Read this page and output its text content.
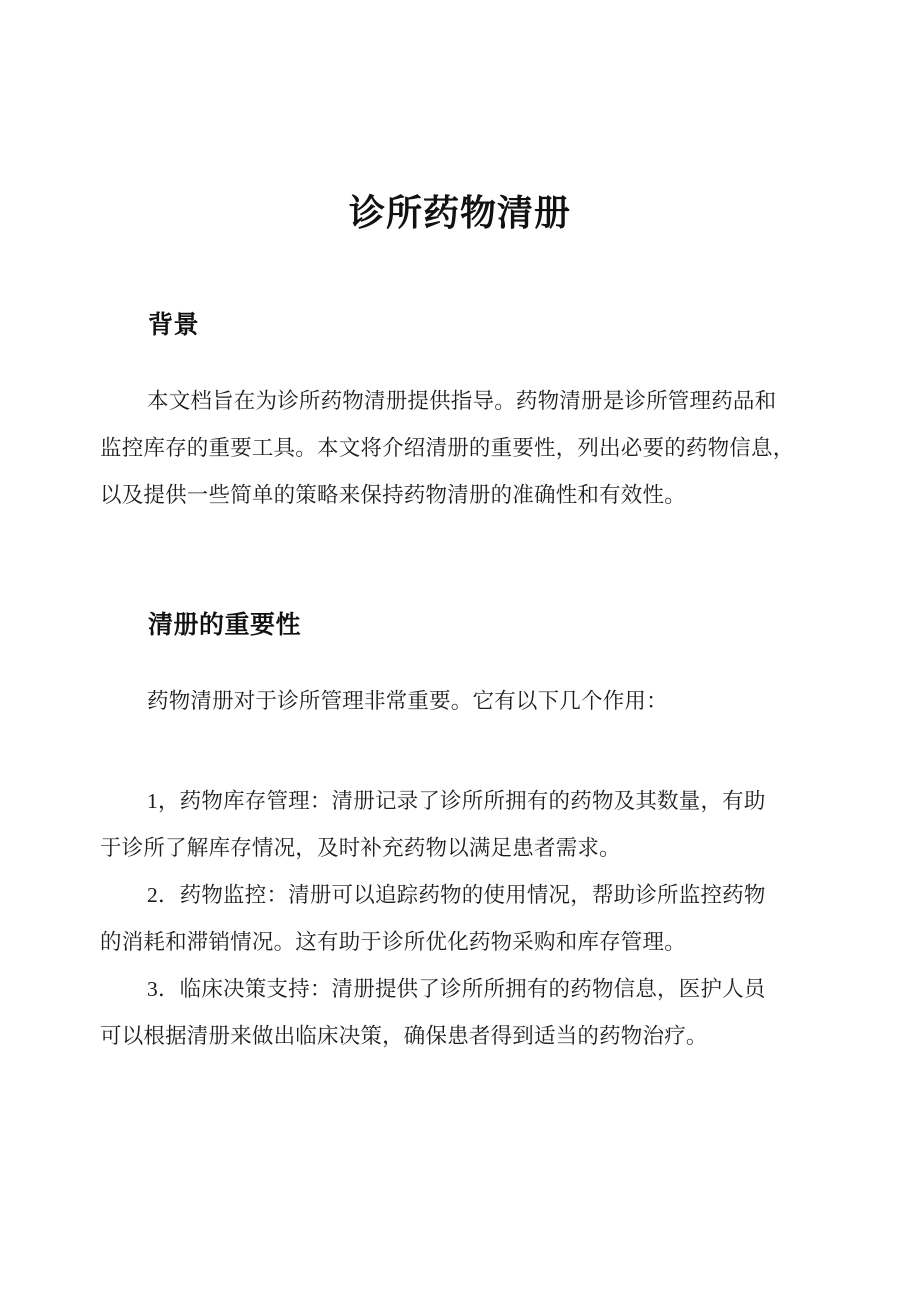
诊所药物清册
背景
本文档旨在为诊所药物清册提供指导。药物清册是诊所管理药品和
监控库存的重要工具。本文将介绍清册的重要性，列出必要的药物信息，
以及提供一些简单的策略来保持药物清册的准确性和有效性。
清册的重要性
药物清册对于诊所管理非常重要。它有以下几个作用：
1，药物库存管理：清册记录了诊所所拥有的药物及其数量，有助
于诊所了解库存情况，及时补充药物以满足患者需求。
2．药物监控：清册可以追踪药物的使用情况，帮助诊所监控药物
的消耗和滞销情况。这有助于诊所优化药物采购和库存管理。
3．临床决策支持：清册提供了诊所所拥有的药物信息，医护人员
可以根据清册来做出临床决策，确保患者得到适当的药物治疗。
